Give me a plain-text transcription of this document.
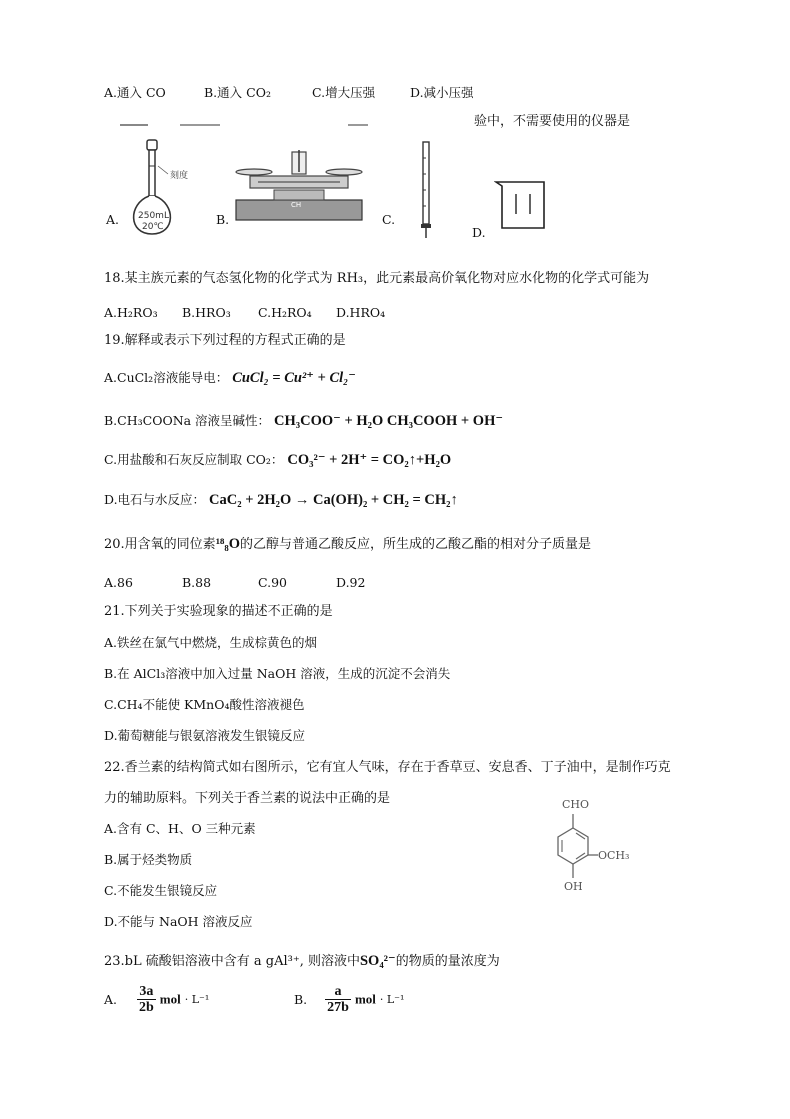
A.通入 CO	B.通入 CO₂	C.增大压强	D.减小压强
验中，不需要使用的仪器是
A.
刻度
250mL
20℃	B.
CH
C.
D.
18.某主族元素的气态氢化物的化学式为 RH₃，此元素最高价氧化物对应水化物的化学式可能为
A.H₂RO₃ B.HRO₃ C.H₂RO₄ D.HRO₄
19.解释或表示下列过程的方程式正确的是
A.CuCl₂溶液能导电： CuCl₂ = Cu²⁺ + Cl₂⁻
B.CH₃COONa 溶液呈碱性： CH₃COO⁻ + H₂O CH₃COOH + OH⁻
C.用盐酸和石灰反应制取 CO₂： CO₃²⁻ + 2H⁺ = CO₂↑+H₂O
D.电石与水反应： CaC₂ + 2H₂O → Ca(OH)₂ + CH₂ = CH₂↑
20.用含氧的同位素¹⁸₈O的乙醇与普通乙酸反应，所生成的乙酸乙酯的相对分子质量是
A.86	B.88	C.90	D.92
21.下列关于实验现象的描述不正确的是
A.铁丝在氯气中燃烧，生成棕黄色的烟
B.在 AlCl₃溶液中加入过量 NaOH 溶液，生成的沉淀不会消失
C.CH₄不能使 KMnO₄酸性溶液褪色
D.葡萄糖能与银氨溶液发生银镜反应
22.香兰素的结构简式如右图所示，它有宜人气味，存在于香草豆、安息香、丁子油中，是制作巧克
力的辅助原料。下列关于香兰素的说法中正确的是
A.含有 C、H、O 三种元素
B.属于烃类物质
C.不能发生银镜反应
D.不能与 NaOH 溶液反应
CHO
OCH₃
OH
23.bL 硫酸铝溶液中含有 a gAl³⁺, 则溶液中SO₄²⁻的物质的量浓度为
A. $\frac{3a}{2b}$ mol · L⁻¹	B. $\frac{a}{27b}$ mol · L⁻¹
